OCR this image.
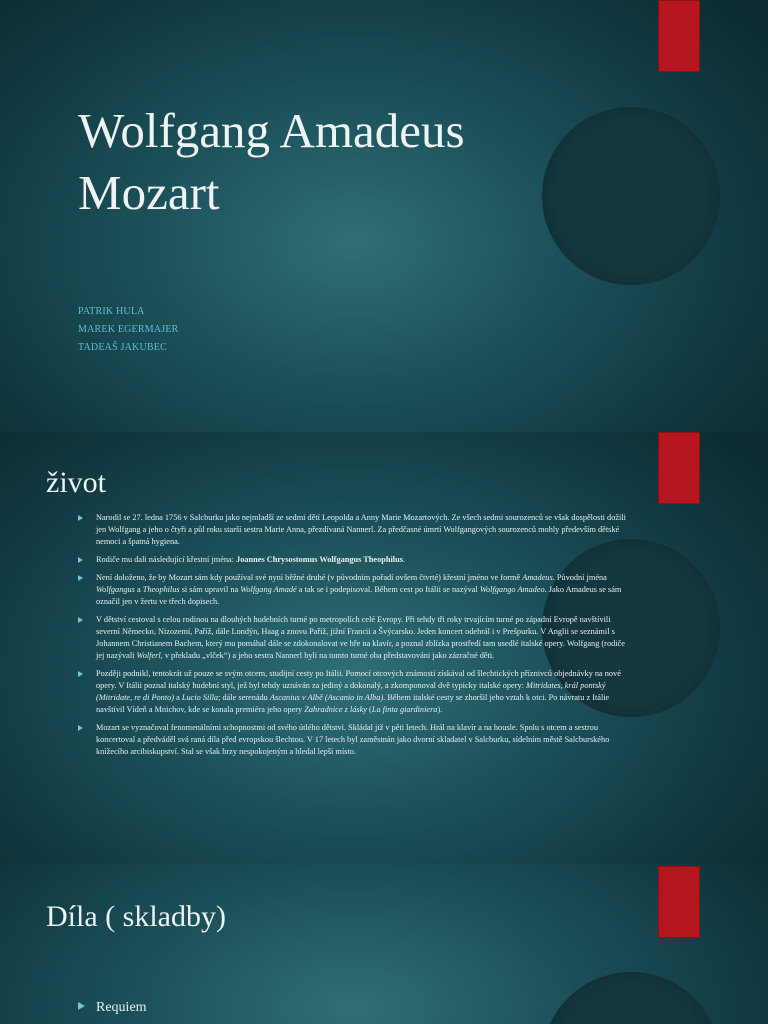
Wolfgang Amadeus
Mozart
PATRIK HULA
MAREK EGERMAJER
TADEAŠ JAKUBEC
život
Narodil se 27. ledna 1756 v Salcburku jako nejmladší ze sedmi dětí Leopolda a Anny Marie Mozartových. Ze všech sedmi sourozenců se však dospělosti dožili jen Wolfgang a jeho o čtyři a půl roku starší sestra Marie Anna, přezdívaná Nannerl. Za předčasné úmrtí Wolfgangových sourozenců mohly především dětské nemoci a špatná hygiena.
Rodiče mu dali následující křestní jména: Joannes Chrysostomus Wolfgangus Theophilus.
Není doloženo, že by Mozart sám kdy používal své nyní běžné druhé (v původním pořadí ovšem čtvrté) křestní jméno ve formě Amadeus. Původní jména Wolfgangus a Theophilus si sám upravil na Wolfgang Amadé a tak se i podepisoval. Během cest po Itálii se nazýval Wolfgango Amadeo. Jako Amadeus se sám označil jen v žertu ve třech dopisech.
V dětství cestoval s celou rodinou na dlouhých hudebních turné po metropolích celé Evropy. Při tehdy tři roky trvajícím turné po západní Evropě navštívili severní Německo, Nizozemí, Paříž, dále Londýn, Haag a znovu Paříž, jižní Francii a Švýcarsko. Jeden koncert odehrál i v Prešpurku. V Anglii se seznámil s Johannem Christianem Bachem, který mu pomáhal dále se zdokonalovat ve hře na klavír, a poznal zblízka prostředí tam usedlé italské opery. Wolfgang (rodiče jej nazývali Wolferl, v překladu „vlček“) a jeho sestra Nannerl byli na tomto turné oba představováni jako zázračné děti.
Později podnikl, tentokrát už pouze se svým otcem, studijní cesty po Itálii. Pomocí otcových známostí získával od šlechtických příznivců objednávky na nové opery. V Itálii poznal italský hudební styl, jež byl tehdy uznáván za jediný a dokonalý, a zkomponoval dvě typicky italské opery: Mitridates, král pontský (Mitridate, re di Ponto) a Lucio Silla; dále serenádu Ascanius v Albě (Ascanio in Alba). Během italské cesty se zhoršil jeho vztah k otci. Po návratu z Itálie navštívil Vídeň a Mnichov, kde se konala premiéra jeho opery Zahradnice z lásky (La finta giardiniera).
Mozart se vyznačoval fenomenálními schopnostmi od svého útlého dětství. Skládal již v pěti letech. Hrál na klavír a na housle. Spolu s otcem a sestrou koncertoval a předváděl svá raná díla před evropskou šlechtou. V 17 letech byl zaměstnán jako dvorní skladatel v Salcburku, sídelním městě Salcburského knížecího arcibiskupství. Stal se však brzy nespokojeným a hledal lepší místo.
Díla ( skladby)
Requiem
